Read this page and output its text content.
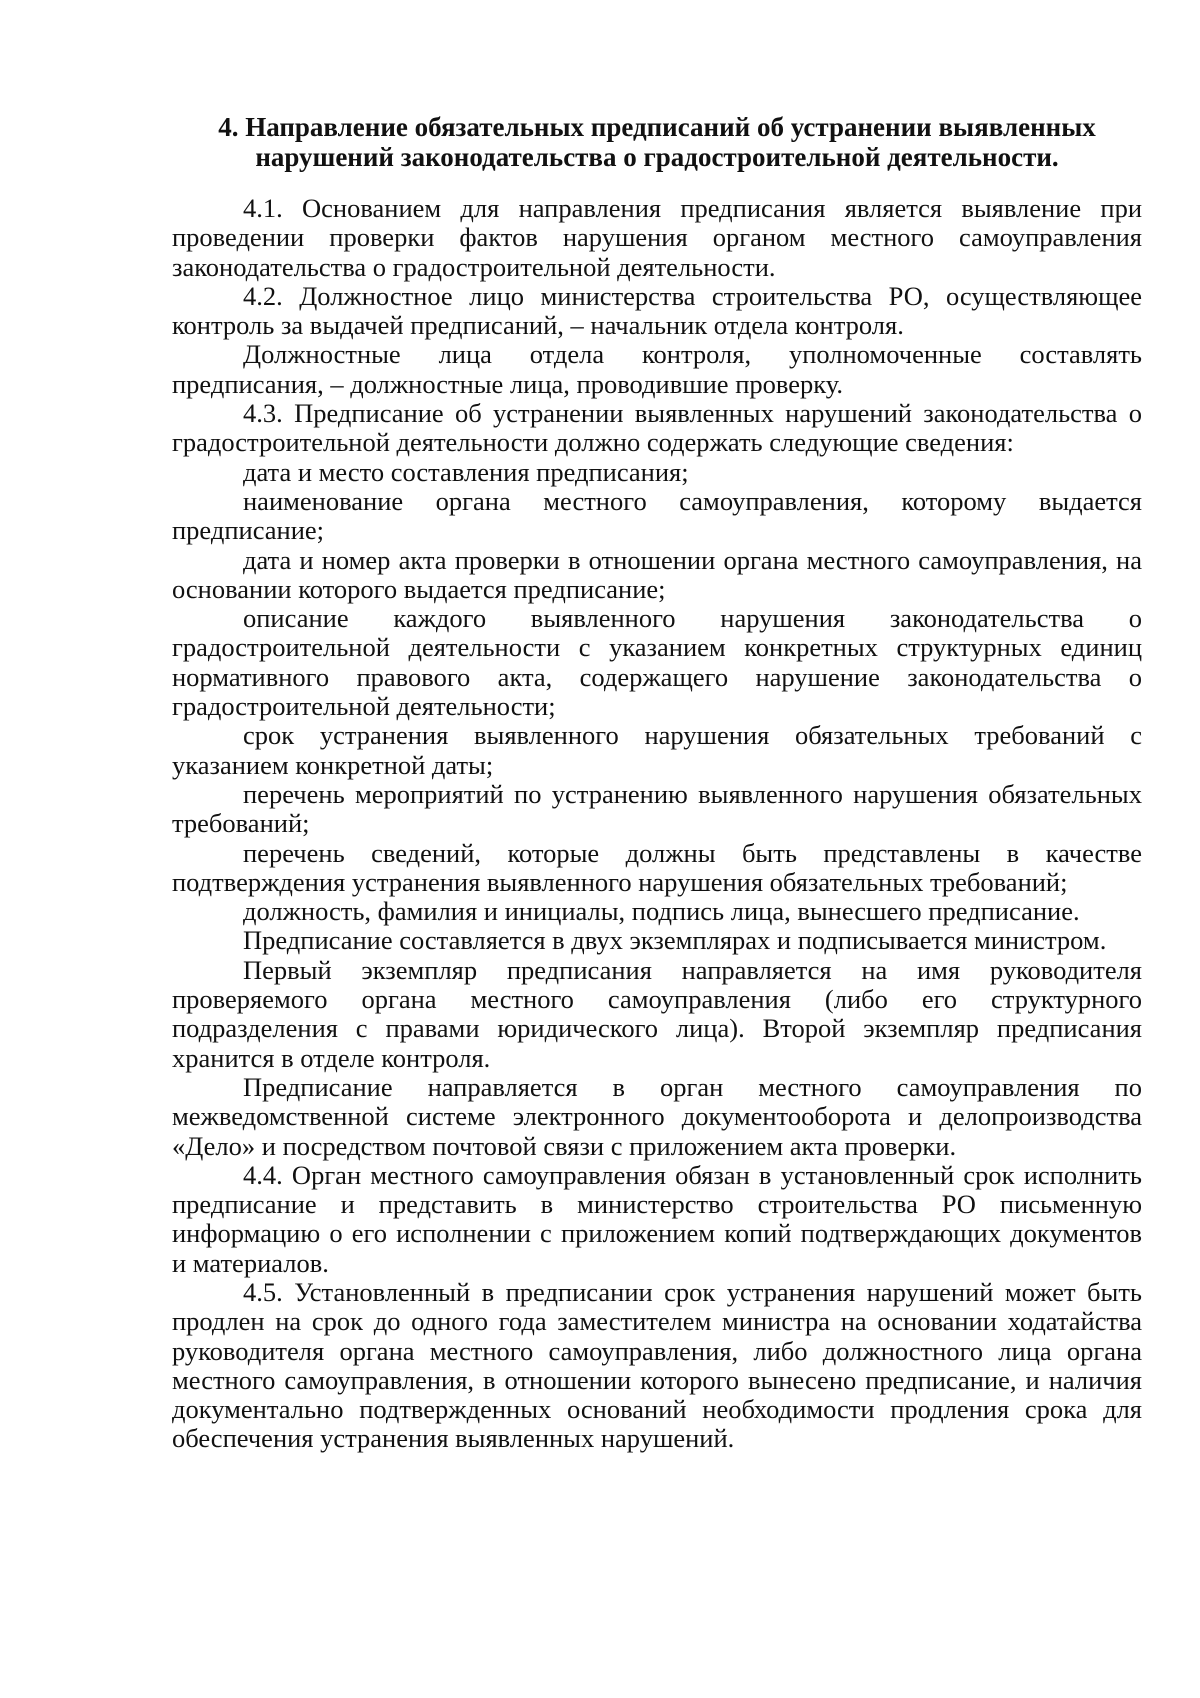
4. Направление обязательных предписаний об устранении выявленных
нарушений законодательства о градостроительной деятельности.

4.1. Основанием для направления предписания является выявление при проведении проверки фактов нарушения органом местного самоуправления законодательства о градостроительной деятельности.

4.2. Должностное лицо министерства строительства РО, осуществляющее контроль за выдачей предписаний, – начальник отдела контроля.

Должностные лица отдела контроля, уполномоченные составлять предписания, – должностные лица, проводившие проверку.

4.3. Предписание об устранении выявленных нарушений законодательства о градостроительной деятельности должно содержать следующие сведения:

дата и место составления предписания;

наименование органа местного самоуправления, которому выдается предписание;

дата и номер акта проверки в отношении органа местного самоуправления, на основании которого выдается предписание;

описание каждого выявленного нарушения законодательства о градостроительной деятельности с указанием конкретных структурных единиц нормативного правового акта, содержащего нарушение законодательства о градостроительной деятельности;

срок устранения выявленного нарушения обязательных требований с указанием конкретной даты;

перечень мероприятий по устранению выявленного нарушения обязательных требований;

перечень сведений, которые должны быть представлены в качестве подтверждения устранения выявленного нарушения обязательных требований;

должность, фамилия и инициалы, подпись лица, вынесшего предписание.

Предписание составляется в двух экземплярах и подписывается министром.

Первый экземпляр предписания направляется на имя руководителя проверяемого органа местного самоуправления (либо его структурного подразделения с правами юридического лица). Второй экземпляр предписания хранится в отделе контроля.

Предписание направляется в орган местного самоуправления по межведомственной системе электронного документооборота и делопроизводства «Дело» и посредством почтовой связи с приложением акта проверки.

4.4. Орган местного самоуправления обязан в установленный срок исполнить предписание и представить в министерство строительства РО письменную информацию о его исполнении с приложением копий подтверждающих документов и материалов.

4.5. Установленный в предписании срок устранения нарушений может быть продлен на срок до одного года заместителем министра на основании ходатайства руководителя органа местного самоуправления, либо должностного лица органа местного самоуправления, в отношении которого вынесено предписание, и наличия документально подтвержденных оснований необходимости продления срока для обеспечения устранения выявленных нарушений.
